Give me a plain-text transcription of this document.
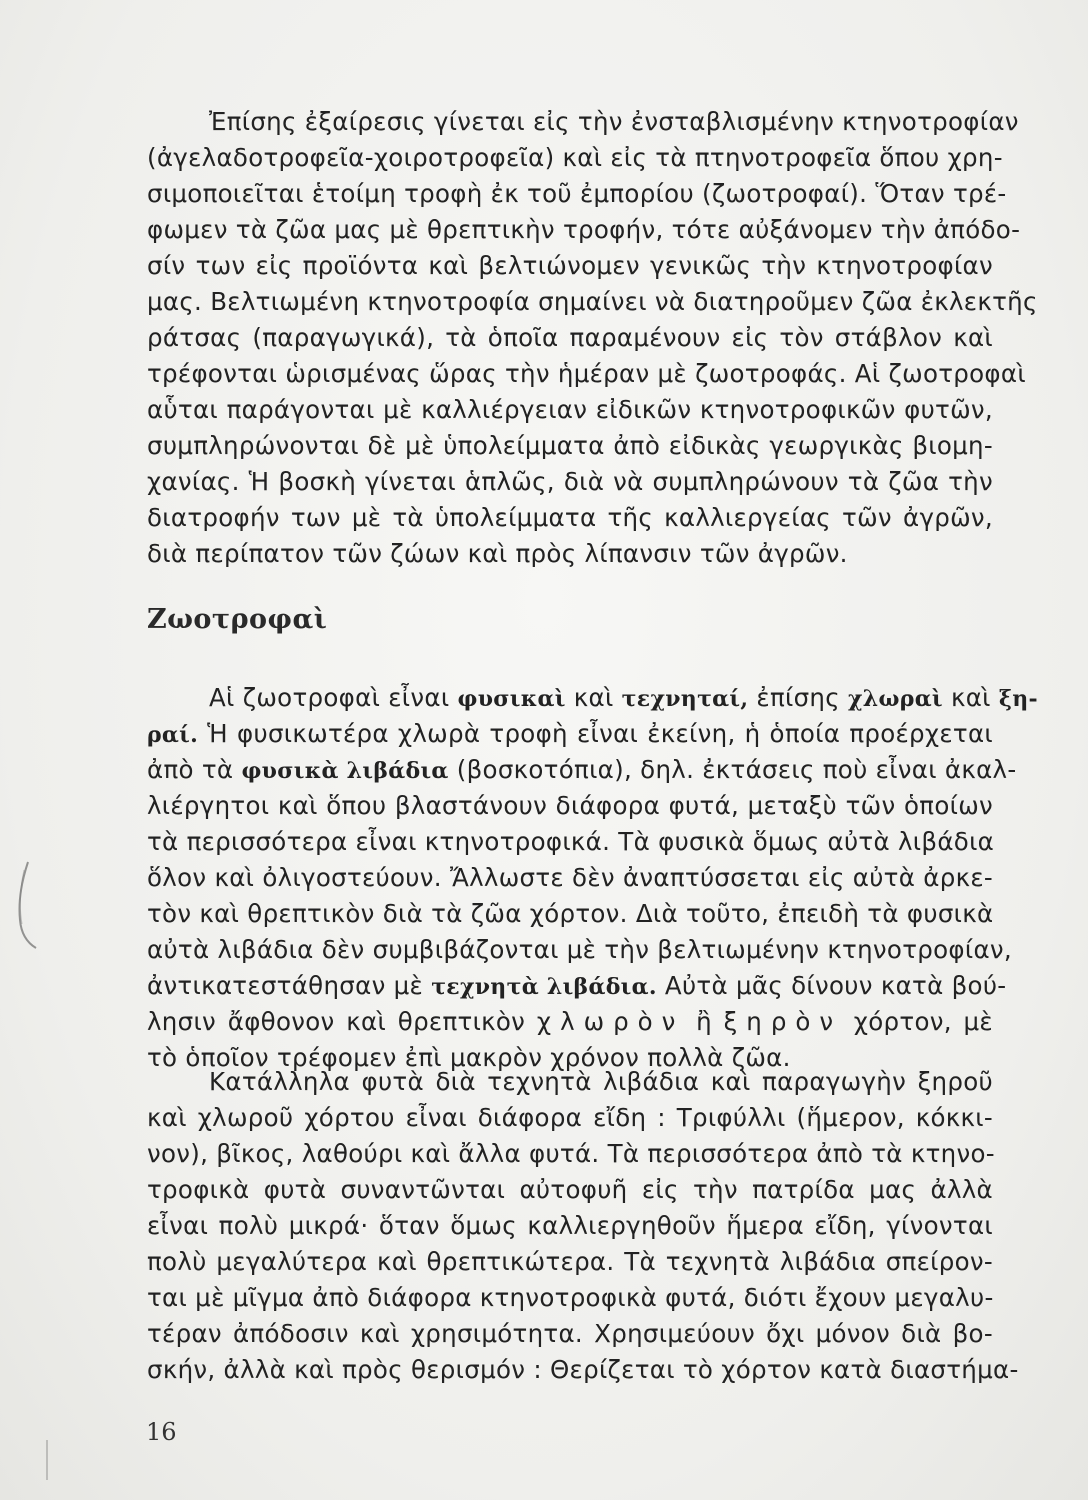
Ἐπίσης ἐξαίρεσις γίνεται εἰς τὴν ἐνσταβλισμένην κτηνοτροφίαν
(ἀγελαδοτροφεῖα-χοιροτροφεῖα) καὶ εἰς τὰ πτηνοτροφεῖα ὅπου χρη-
σιμοποιεῖται ἑτοίμη τροφὴ ἐκ τοῦ ἐμπορίου (ζωοτροφαί). Ὅταν τρέ-
φωμεν τὰ ζῶα μας μὲ θρεπτικὴν τροφήν, τότε αὐξάνομεν τὴν ἀπόδο-
σίν των εἰς προϊόντα καὶ βελτιώνομεν γενικῶς τὴν κτηνοτροφίαν
μας. Βελτιωμένη κτηνοτροφία σημαίνει νὰ διατηροῦμεν ζῶα ἐκλεκτῆς
ράτσας (παραγωγικά), τὰ ὁποῖα παραμένουν εἰς τὸν στάβλον καὶ
τρέφονται ὡρισμένας ὥρας τὴν ἡμέραν μὲ ζωοτροφάς. Αἱ ζωοτροφαὶ
αὗται παράγονται μὲ καλλιέργειαν εἰδικῶν κτηνοτροφικῶν φυτῶν,
συμπληρώνονται δὲ μὲ ὑπολείμματα ἀπὸ εἰδικὰς γεωργικὰς βιομη-
χανίας. Ἡ βοσκὴ γίνεται ἁπλῶς, διὰ νὰ συμπληρώνουν τὰ ζῶα τὴν
διατροφήν των μὲ τὰ ὑπολείμματα τῆς καλλιεργείας τῶν ἀγρῶν,
διὰ περίπατον τῶν ζώων καὶ πρὸς λίπανσιν τῶν ἀγρῶν.
Ζωοτροφαὶ
Αἱ ζωοτροφαὶ εἶναι φυσικαὶ καὶ τεχνηταί, ἐπίσης χλωραὶ καὶ ξη-
ραί. Ἡ φυσικωτέρα χλωρὰ τροφὴ εἶναι ἐκείνη, ἡ ὁποία προέρχεται
ἀπὸ τὰ φυσικὰ λιβάδια (βοσκοτόπια), δηλ. ἐκτάσεις ποὺ εἶναι ἀκαλ-
λιέργητοι καὶ ὅπου βλαστάνουν διάφορα φυτά, μεταξὺ τῶν ὁποίων
τὰ περισσότερα εἶναι κτηνοτροφικά. Τὰ φυσικὰ ὅμως αὐτὰ λιβάδια
ὅλον καὶ ὀλιγοστεύουν. Ἄλλωστε δὲν ἀναπτύσσεται εἰς αὐτὰ ἀρκε-
τὸν καὶ θρεπτικὸν διὰ τὰ ζῶα χόρτον. Διὰ τοῦτο, ἐπειδὴ τὰ φυσικὰ
αὐτὰ λιβάδια δὲν συμβιβάζονται μὲ τὴν βελτιωμένην κτηνοτροφίαν,
ἀντικατεστάθησαν μὲ τεχνητὰ λιβάδια. Αὐτὰ μᾶς δίνουν κατὰ βού-
λησιν ἄφθονον καὶ θρεπτικὸν χλωρὸν ἢ ξηρὸν χόρτον, μὲ
τὸ ὁποῖον τρέφομεν ἐπὶ μακρὸν χρόνον πολλὰ ζῶα.
Κατάλληλα φυτὰ διὰ τεχνητὰ λιβάδια καὶ παραγωγὴν ξηροῦ
καὶ χλωροῦ χόρτου εἶναι διάφορα εἴδη : Τριφύλλι (ἥμερον, κόκκι-
νον), βῖκος, λαθούρι καὶ ἄλλα φυτά. Τὰ περισσότερα ἀπὸ τὰ κτηνο-
τροφικὰ φυτὰ συναντῶνται αὐτοφυῆ εἰς τὴν πατρίδα μας ἀλλὰ
εἶναι πολὺ μικρά· ὅταν ὅμως καλλιεργηθοῦν ἥμερα εἴδη, γίνονται
πολὺ μεγαλύτερα καὶ θρεπτικώτερα. Τὰ τεχνητὰ λιβάδια σπείρον-
ται μὲ μῖγμα ἀπὸ διάφορα κτηνοτροφικὰ φυτά, διότι ἔχουν μεγαλυ-
τέραν ἀπόδοσιν καὶ χρησιμότητα. Χρησιμεύουν ὄχι μόνον διὰ βο-
σκήν, ἀλλὰ καὶ πρὸς θερισμόν : Θερίζεται τὸ χόρτον κατὰ διαστήμα-
16
